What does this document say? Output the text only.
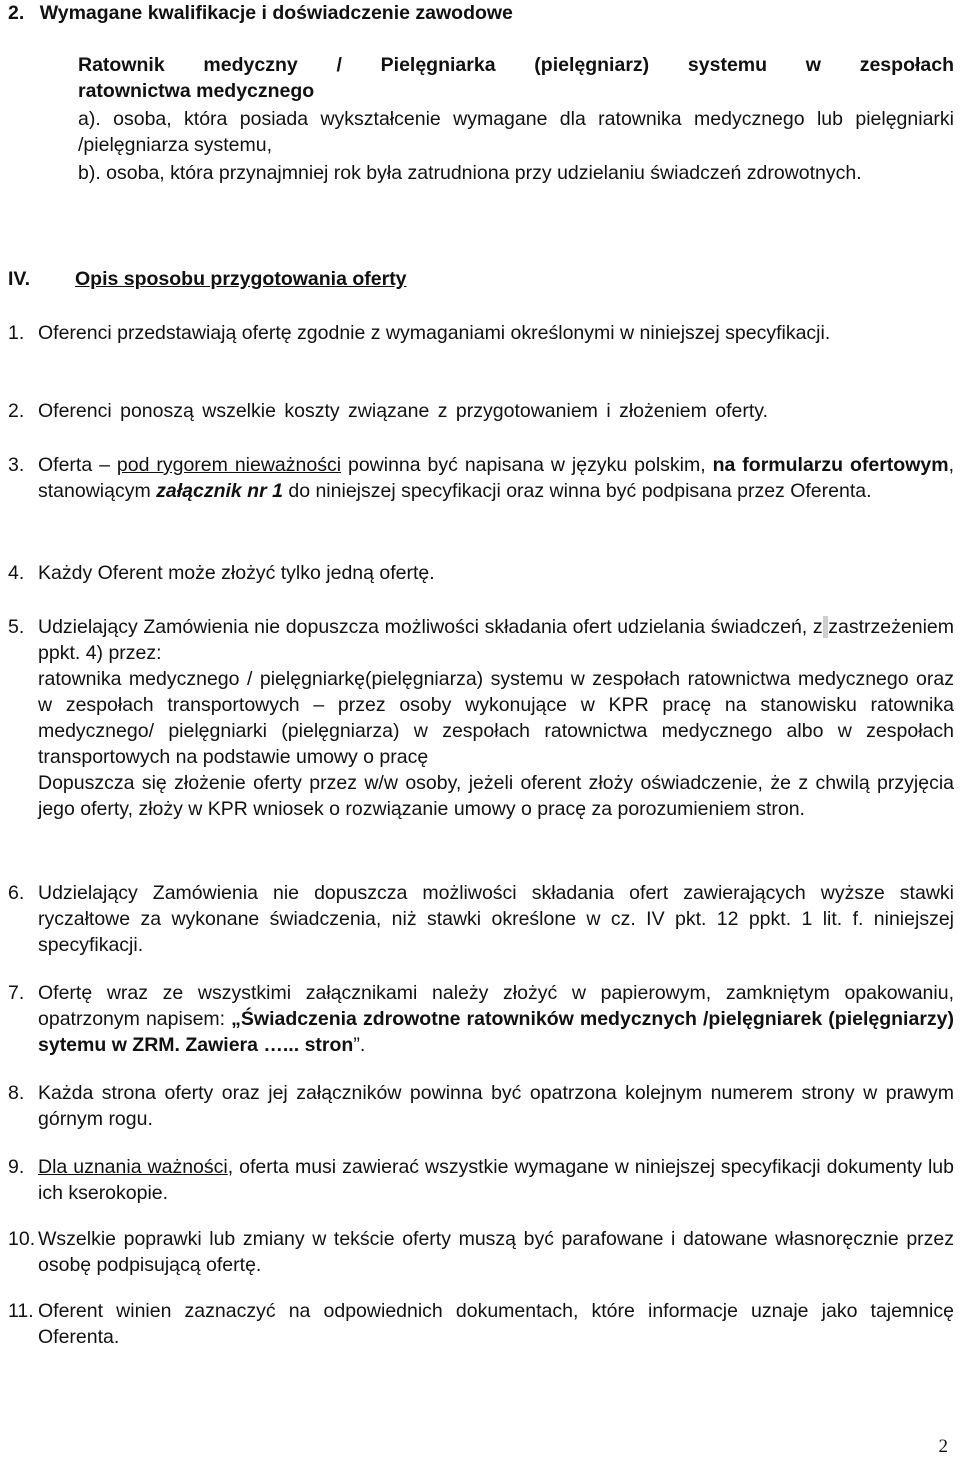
2. Wymagane kwalifikacje i doświadczenie zawodowe
Ratownik medyczny / Pielęgniarka (pielęgniarz) systemu w zespołach
ratownictwa medycznego
a). osoba, która posiada wykształcenie wymagane dla ratownika medycznego lub pielęgniarki /pielęgniarza systemu,
b). osoba, która przynajmniej rok była zatrudniona przy udzielaniu świadczeń zdrowotnych.
IV. Opis sposobu przygotowania oferty
1. Oferenci przedstawiają ofertę zgodnie z wymaganiami określonymi w niniejszej specyfikacji.
2. Oferenci ponoszą wszelkie koszty związane z przygotowaniem i złożeniem oferty.
3. Oferta – pod rygorem nieważności powinna być napisana w języku polskim, na formularzu ofertowym, stanowiącym załącznik nr 1 do niniejszej specyfikacji oraz winna być podpisana przez Oferenta.
4. Każdy Oferent może złożyć tylko jedną ofertę.
5. Udzielający Zamówienia nie dopuszcza możliwości składania ofert udzielania świadczeń, z zastrzeżeniem ppkt. 4) przez:
ratownika medycznego / pielęgniarkę(pielęgniarza) systemu w zespołach ratownictwa medycznego oraz w zespołach transportowych – przez osoby wykonujące w KPR pracę na stanowisku ratownika medycznego/ pielęgniarki (pielęgniarza) w zespołach ratownictwa medycznego albo w zespołach transportowych na podstawie umowy o pracę
Dopuszcza się złożenie oferty przez w/w osoby, jeżeli oferent złoży oświadczenie, że z chwilą przyjęcia jego oferty, złoży w KPR wniosek o rozwiązanie umowy o pracę za porozumieniem stron.
6. Udzielający Zamówienia nie dopuszcza możliwości składania ofert zawierających wyższe stawki ryczałtowe za wykonane świadczenia, niż stawki określone w cz. IV pkt. 12 ppkt. 1 lit. f. niniejszej specyfikacji.
7. Ofertę wraz ze wszystkimi załącznikami należy złożyć w papierowym, zamkniętym opakowaniu, opatrzonym napisem: „Świadczenia zdrowotne ratowników medycznych /pielęgniarek (pielęgniarzy) sytemu w ZRM. Zawiera …... stron”.
8. Każda strona oferty oraz jej załączników powinna być opatrzona kolejnym numerem strony w prawym górnym rogu.
9. Dla uznania ważności, oferta musi zawierać wszystkie wymagane w niniejszej specyfikacji dokumenty lub ich kserokopie.
10. Wszelkie poprawki lub zmiany w tekście oferty muszą być parafowane i datowane własnoręcznie przez osobę podpisującą ofertę.
11. Oferent winien zaznaczyć na odpowiednich dokumentach, które informacje uznaje jako tajemnicę Oferenta.
2
